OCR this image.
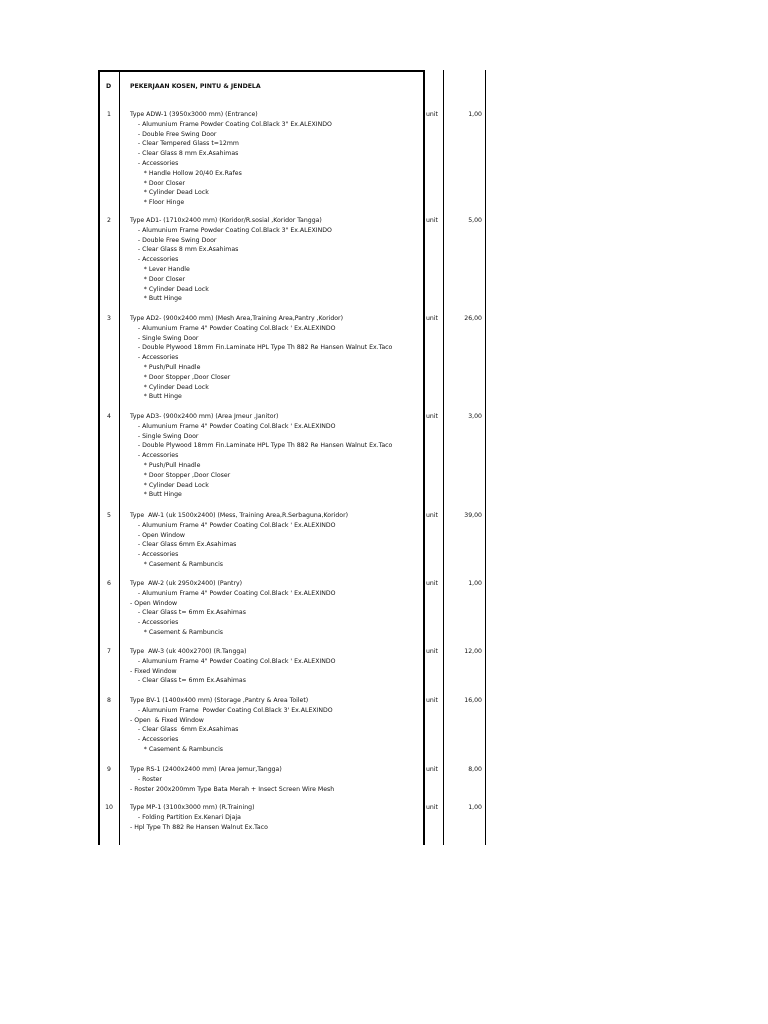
D	PEKERJAAN KOSEN, PINTU & JENDELA
1	Type ADW-1 (3950x3000 mm) (Entrance)
- Alumunium Frame Powder Coating Col.Black 3" Ex.ALEXINDO
- Double Free Swing Door
- Clear Tempered Glass t=12mm
- Clear Glass 8 mm Ex.Asahimas
- Accessories
* Handle Hollow 20/40 Ex.Rafes
* Door Closer
* Cylinder Dead Lock
* Floor Hinge
unit	1,00
2	Type AD1- (1710x2400 mm) (Koridor/R.sosial ,Koridor Tangga)
- Alumunium Frame Powder Coating Col.Black 3" Ex.ALEXINDO
- Double Free Swing Door
- Clear Glass 8 mm Ex.Asahimas
- Accessories
* Lever Handle
* Door Closer
* Cylinder Dead Lock
* Butt Hinge
unit	5,00
3	Type AD2- (900x2400 mm) (Mesh Area,Training Area,Pantry ,Koridor)
- Alumunium Frame 4" Powder Coating Col.Black ' Ex.ALEXINDO
- Single Swing Door
- Double Plywood 18mm Fin.Laminate HPL Type Th 882 Re Hansen Walnut Ex.Taco
- Accessories
* Push/Pull Hnadle
* Door Stopper ,Door Closer
* Cylinder Dead Lock
* Butt Hinge
unit	26,00
4	Type AD3- (900x2400 mm) (Area Jmeur ,Janitor)
- Alumunium Frame 4" Powder Coating Col.Black ' Ex.ALEXINDO
- Single Swing Door
- Double Plywood 18mm Fin.Laminate HPL Type Th 882 Re Hansen Walnut Ex.Taco
- Accessories
* Push/Pull Hnadle
* Door Stopper ,Door Closer
* Cylinder Dead Lock
* Butt Hinge
unit	3,00
5	Type  AW-1 (uk 1500x2400) (Mess, Training Area,R.Serbaguna,Koridor)
- Alumunium Frame 4" Powder Coating Col.Black ' Ex.ALEXINDO
- Open Window
- Clear Glass 6mm Ex.Asahimas
- Accessories
* Casement & Rambuncis
unit	39,00
6	Type  AW-2 (uk 2950x2400) (Pantry)
- Alumunium Frame 4" Powder Coating Col.Black ' Ex.ALEXINDO
- Open Window
- Clear Glass t= 6mm Ex.Asahimas
- Accessories
* Casement & Rambuncis
unit	1,00
7	Type  AW-3 (uk 400x2700) (R.Tangga)
- Alumunium Frame 4" Powder Coating Col.Black ' Ex.ALEXINDO
- Fixed Window
- Clear Glass t= 6mm Ex.Asahimas
unit	12,00
8	Type BV-1 (1400x400 mm) (Storage ,Pantry & Area Toilet)
- Alumunium Frame  Powder Coating Col.Black 3' Ex.ALEXINDO
- Open  & Fixed Window
- Clear Glass  6mm Ex.Asahimas
- Accessories
* Casement & Rambuncis
unit	16,00
9	Type RS-1 (2400x2400 mm) (Area Jemur,Tangga)
- Roster
- Roster 200x200mm Type Bata Merah + Insect Screen Wire Mesh
unit	8,00
10	Type MP-1 (3100x3000 mm) (R.Training)
- Folding Partition Ex.Kenari Djaja
- Hpl Type Th 882 Re Hansen Walnut Ex.Taco
unit	1,00
